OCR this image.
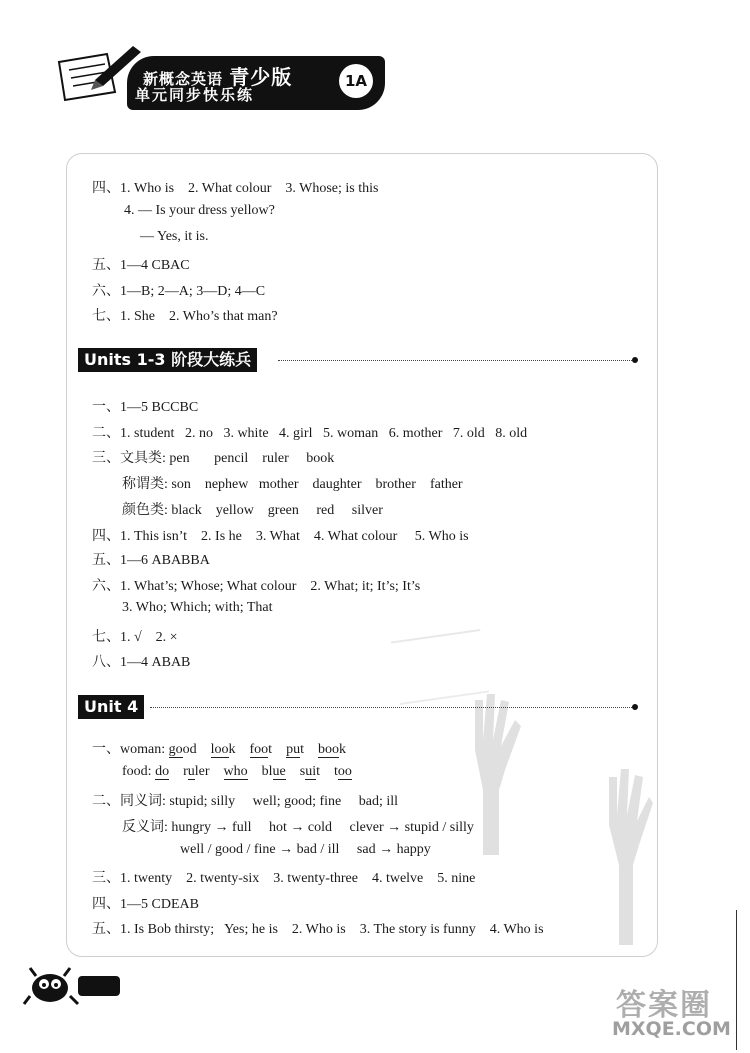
新概念英语 青少版
单元同步快乐练
1A
Units 1-3 阶段大练兵
Unit 4
四、1. Who is    2. What colour    3. Whose; is this
4. — Is your dress yellow?
— Yes, it is.
五、1—4 CBAC
六、1—B; 2—A; 3—D; 4—C
七、1. She    2. Who’s that man?
一、1—5 BCCBC
二、1. student   2. no   3. white   4. girl   5. woman   6. mother   7. old   8. old
三、文具类: pen       pencil    ruler     book
称谓类: son    nephew   mother    daughter    brother    father
颜色类: black    yellow    green     red     silver
四、1. This isn’t    2. Is he    3. What    4. What colour     5. Who is
五、1—6 ABABBA
六、1. What’s; Whose; What colour    2. What; it; It’s; It’s
3. Who; Which; with; That
七、1. √    2. ×
八、1—4 ABAB
一、woman: good    look    foot    put    book
food: do    ruler    who    blue    suit    too
二、同义词: stupid; silly     well; good; fine     bad; ill
反义词: hungry → full     hot → cold     clever → stupid / silly
well / good / fine → bad / ill     sad → happy
三、1. twenty    2. twenty-six    3. twenty-three    4. twelve    5. nine
四、1—5 CDEAB
五、1. Is Bob thirsty;   Yes; he is    2. Who is    3. The story is funny    4. Who is
答案圈
MXQE.COM
